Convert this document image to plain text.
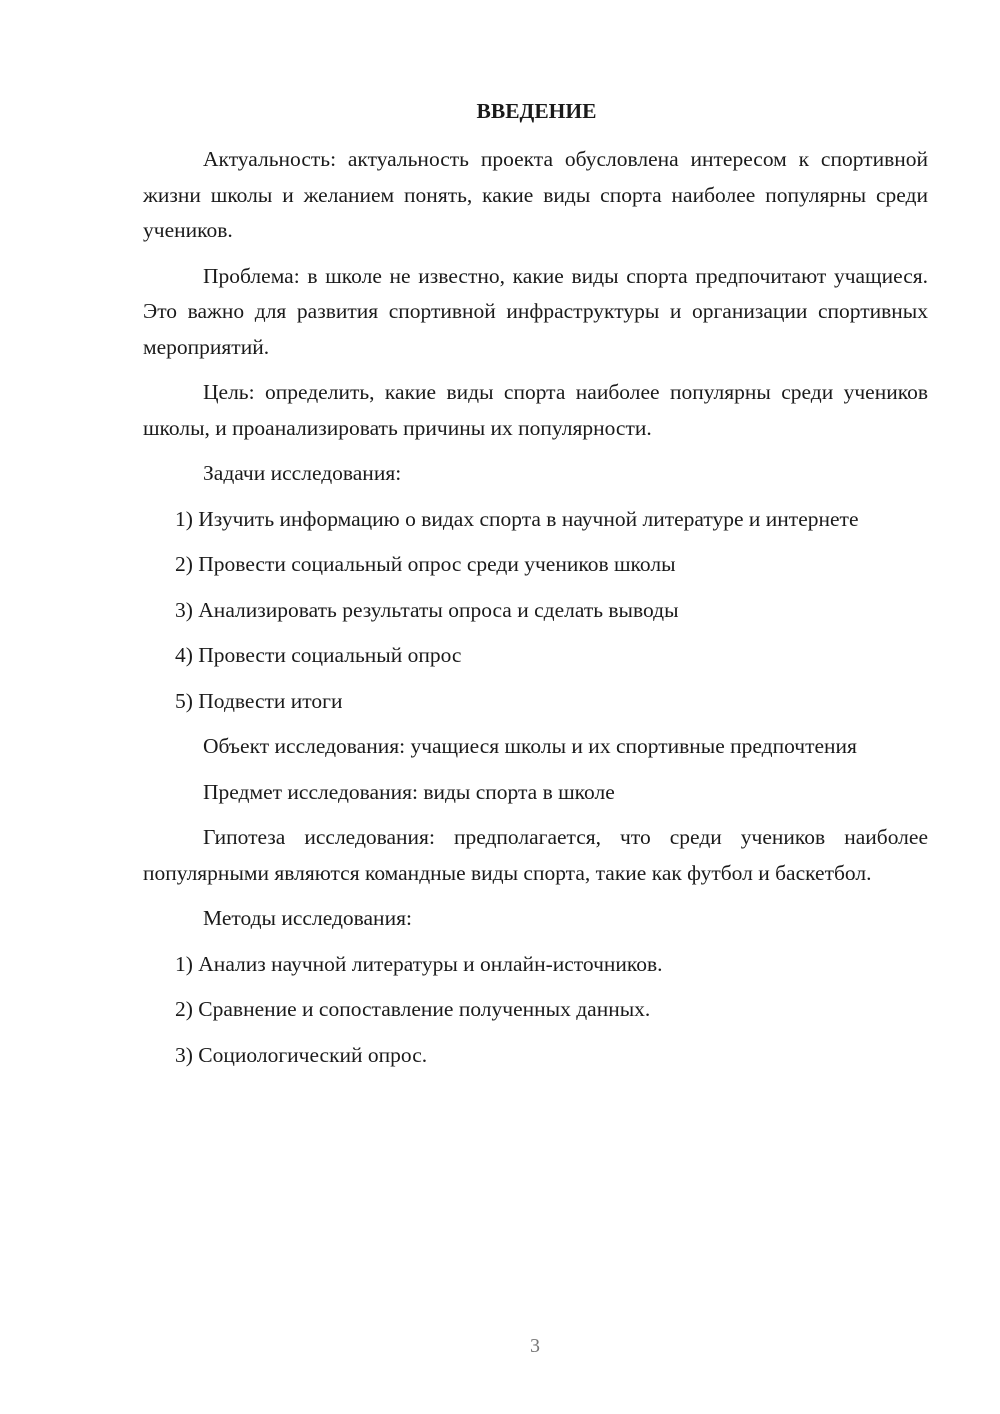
ВВЕДЕНИЕ
Актуальность: актуальность проекта обусловлена интересом к спортивной жизни школы и желанием понять, какие виды спорта наиболее популярны среди учеников.
Проблема: в школе не известно, какие виды спорта предпочитают учащиеся. Это важно для развития спортивной инфраструктуры и организации спортивных мероприятий.
Цель: определить, какие виды спорта наиболее популярны среди учеников школы, и проанализировать причины их популярности.
Задачи исследования:
1) Изучить информацию о видах спорта в научной литературе и интернете
2) Провести социальный опрос среди учеников школы
3) Анализировать результаты опроса и сделать выводы
4) Провести социальный опрос
5) Подвести итоги
Объект исследования: учащиеся школы и их спортивные предпочтения
Предмет исследования: виды спорта в школе
Гипотеза исследования: предполагается, что среди учеников наиболее популярными являются командные виды спорта, такие как футбол и баскетбол.
Методы исследования:
1) Анализ научной литературы и онлайн-источников.
2) Сравнение и сопоставление полученных данных.
3) Социологический опрос.
3
